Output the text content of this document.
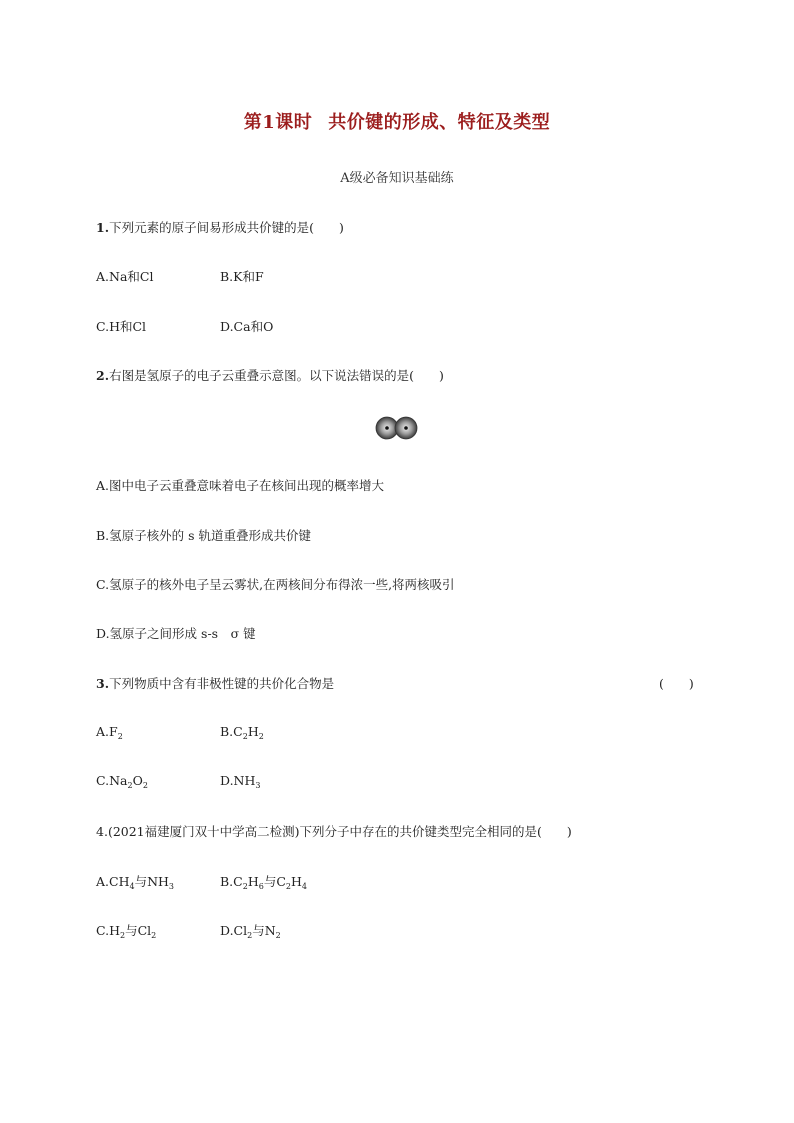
第1课时 共价键的形成、特征及类型
A级必备知识基础练
1.下列元素的原子间易形成共价键的是(　　)
A.Na和Cl	B.K和F
C.H和Cl	D.Ca和O
2.右图是氢原子的电子云重叠示意图。以下说法错误的是(　　)
A.图中电子云重叠意味着电子在核间出现的概率增大
B.氢原子核外的 s 轨道重叠形成共价键
C.氢原子的核外电子呈云雾状,在两核间分布得浓一些,将两核吸引
D.氢原子之间形成 s-s　σ 键
3.下列物质中含有非极性键的共价化合物是	(　　)
$A.F_2$	$B.C_2H_2$
$C.Na_2O_2$	$D.NH_3$
4.(2021福建厦门双十中学高二检测)下列分子中存在的共价键类型完全相同的是(　　)
$A.CH_4$与$NH_3$	$B.C_2H_6$与$C_2H_4$
$C.H_2$与$Cl_2$	$D.Cl_2$与$N_2$
